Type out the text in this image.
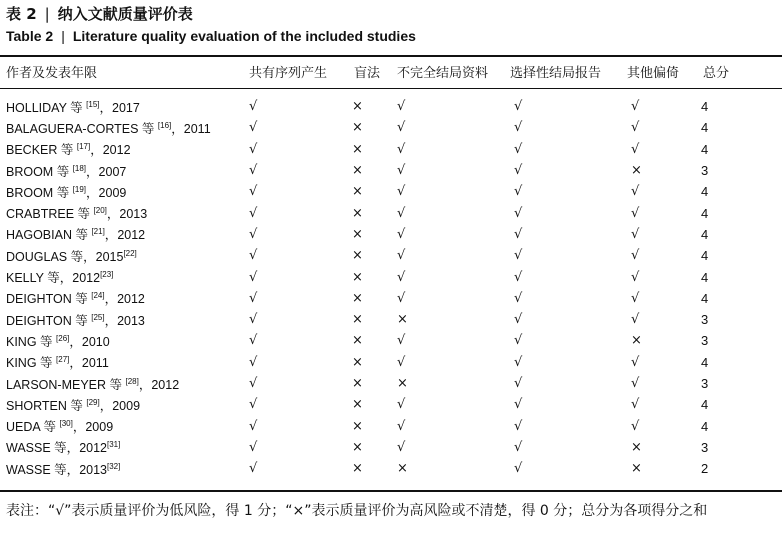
表 2 | 纳入文献质量评价表
Table 2 | Literature quality evaluation of the included studies
作者及发表年限	共有序列产生 盲法 不完全结局资料 选择性结局报告 其他偏倚 总分
HOLLIDAY 等 [15]，2017	√	×	√	√	√	4
BALAGUERA-CORTES 等 [16]，2011	√	×	√	√	√	4
BECKER 等 [17]，2012	√	×	√	√	√	4
BROOM 等 [18]，2007	√	×	√	√	×	3
BROOM 等 [19]，2009	√	×	√	√	√	4
CRABTREE 等 [20]，2013	√	×	√	√	√	4
HAGOBIAN 等 [21]，2012	√	×	√	√	√	4
DOUGLAS 等，2015[22]	√	×	√	√	√	4
KELLY 等，2012[23]	√	×	√	√	√	4
DEIGHTON 等 [24]，2012	√	×	√	√	√	4
DEIGHTON 等 [25]，2013	√	×	×	√	√	3
KING 等 [26]，2010	√	×	√	√	×	3
KING 等 [27]，2011	√	×	√	√	√	4
LARSON-MEYER 等 [28]，2012	√	×	×	√	√	3
SHORTEN 等 [29]，2009	√	×	√	√	√	4
UEDA 等 [30]，2009	√	×	√	√	√	4
WASSE 等，2012[31]	√	×	√	√	×	3
WASSE 等，2013[32]	√	×	×	√	×	2
表注：“√”表示质量评价为低风险，得 1 分；“×”表示质量评价为高风险或不清楚，得 0 分；总分为各项得分之和
